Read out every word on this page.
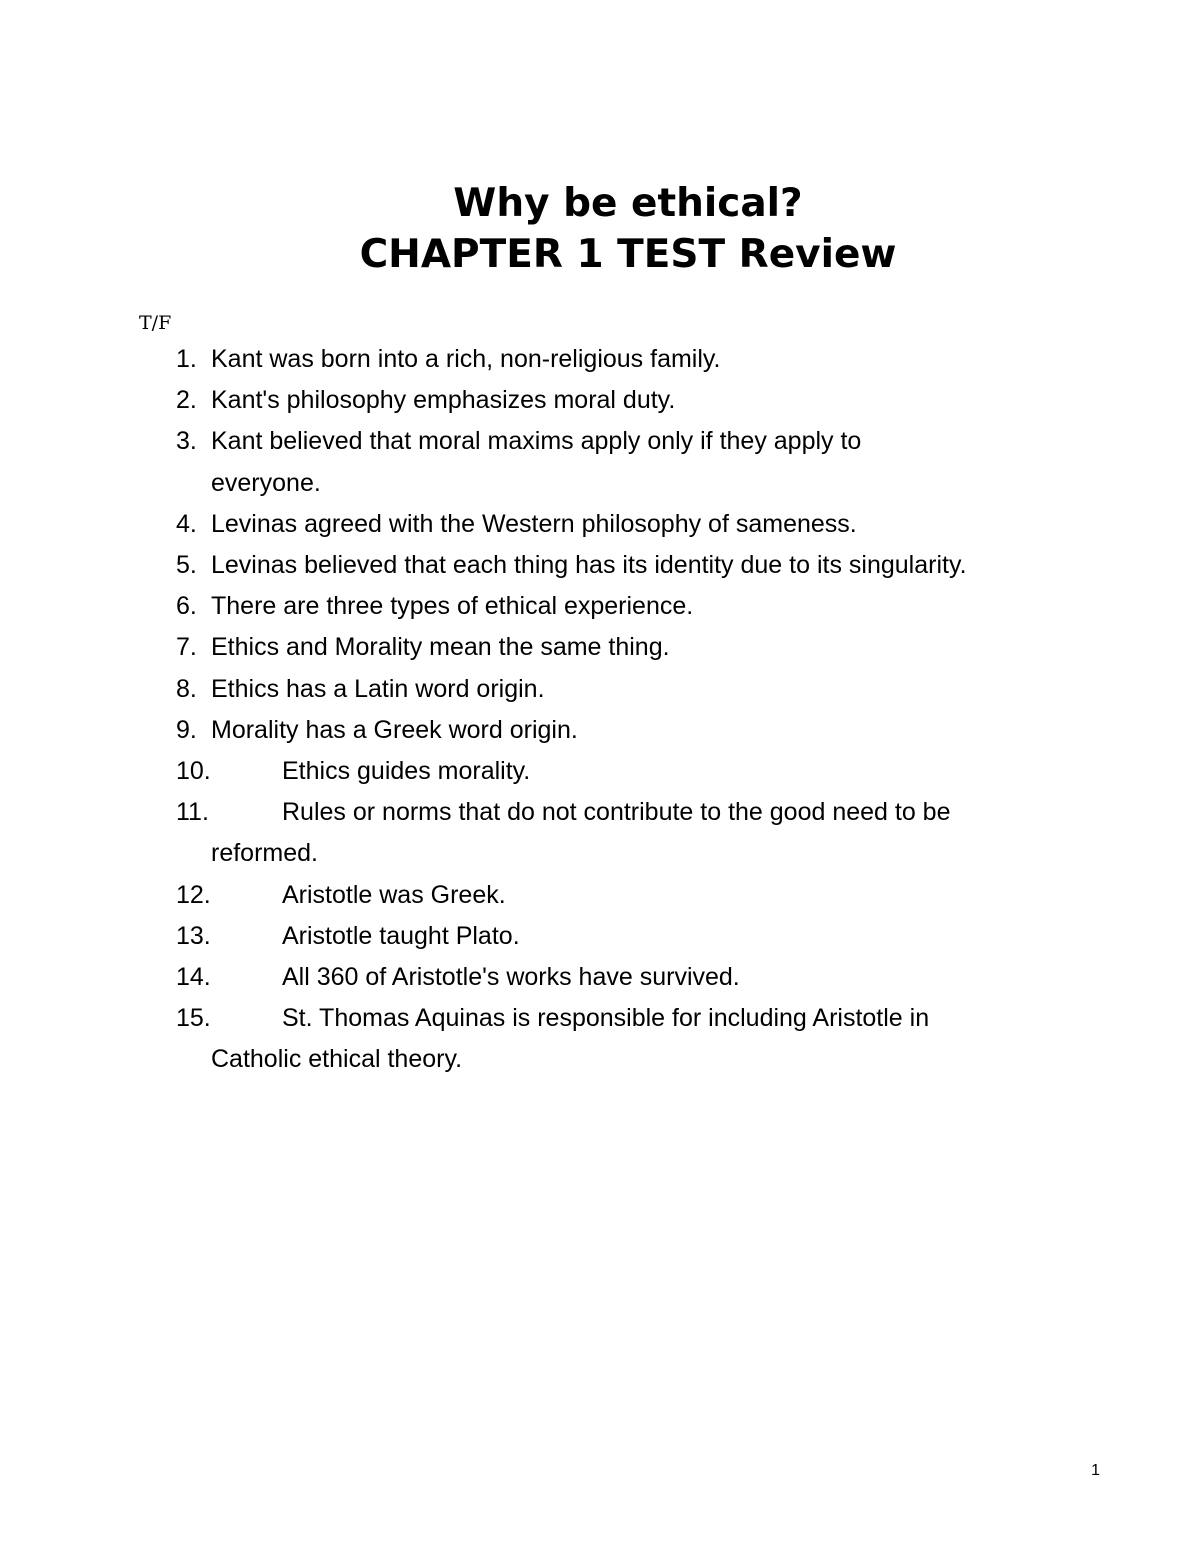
Why be ethical?
CHAPTER 1 TEST Review
T/F
1. Kant was born into a rich, non-religious family.
2. Kant's philosophy emphasizes moral duty.
3. Kant believed that moral maxims apply only if they apply to
everyone.
4. Levinas agreed with the Western philosophy of sameness.
5. Levinas believed that each thing has its identity due to its singularity.
6. There are three types of ethical experience.
7. Ethics and Morality mean the same thing.
8. Ethics has a Latin word origin.
9. Morality has a Greek word origin.
10.	Ethics guides morality.
11.	Rules or norms that do not contribute to the good need to be
reformed.
12.	Aristotle was Greek.
13.	Aristotle taught Plato.
14.	All 360 of Aristotle's works have survived.
15.	St. Thomas Aquinas is responsible for including Aristotle in
Catholic ethical theory.
1
